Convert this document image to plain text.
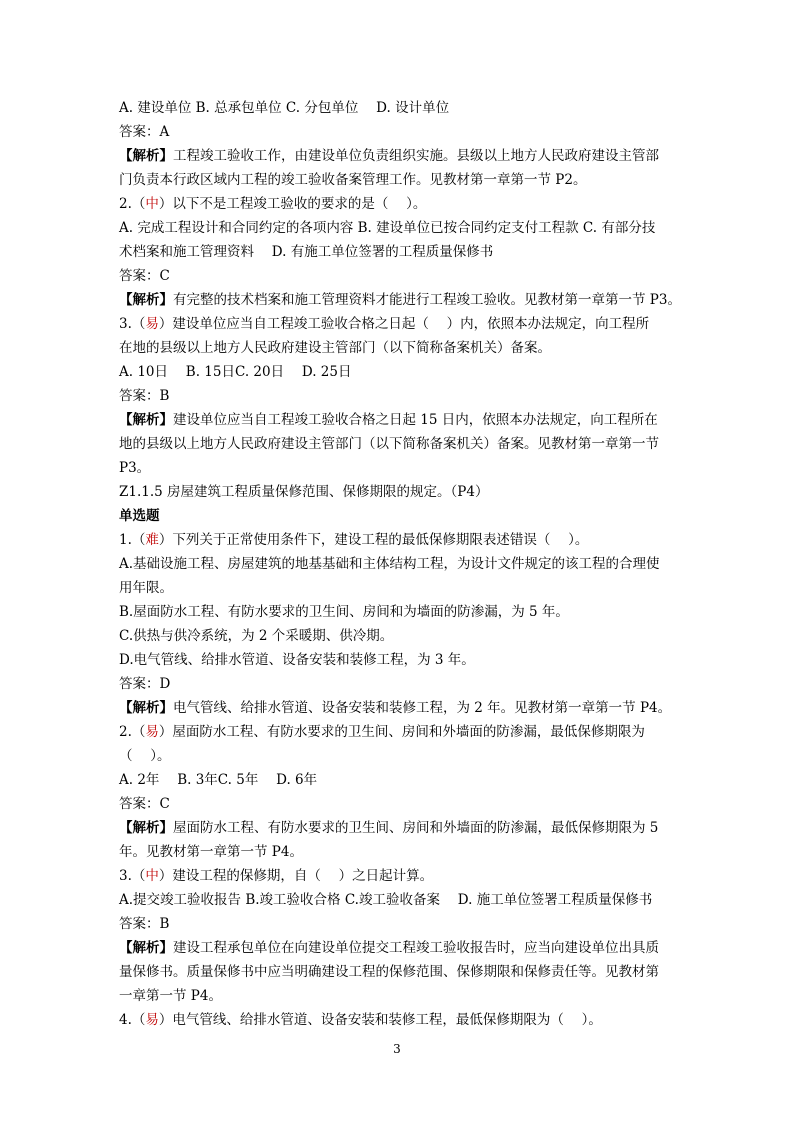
A. 建设单位 B. 总承包单位 C. 分包单位　 D. 设计单位
答案：A
【解析】工程竣工验收工作，由建设单位负责组织实施。县级以上地方人民政府建设主管部
门负责本行政区域内工程的竣工验收备案管理工作。见教材第一章第一节 P2。
2.（中）以下不是工程竣工验收的要求的是（　 ）。
A. 完成工程设计和合同约定的各项内容 B. 建设单位已按合同约定支付工程款 C. 有部分技
术档案和施工管理资料　 D. 有施工单位签署的工程质量保修书
答案：C
【解析】有完整的技术档案和施工管理资料才能进行工程竣工验收。见教材第一章第一节 P3。
3.（易）建设单位应当自工程竣工验收合格之日起（　 ）内，依照本办法规定，向工程所
在地的县级以上地方人民政府建设主管部门（以下简称备案机关）备案。
A. 10日　 B. 15日C. 20日　 D. 25日
答案：B
【解析】建设单位应当自工程竣工验收合格之日起 15 日内，依照本办法规定，向工程所在
地的县级以上地方人民政府建设主管部门（以下简称备案机关）备案。见教材第一章第一节
P3。
Z1.1.5 房屋建筑工程质量保修范围、保修期限的规定。（P4）
单选题
1.（难）下列关于正常使用条件下，建设工程的最低保修期限表述错误（　 ）。
A.基础设施工程、房屋建筑的地基基础和主体结构工程，为设计文件规定的该工程的合理使
用年限。
B.屋面防水工程、有防水要求的卫生间、房间和为墙面的防渗漏，为 5 年。
C.供热与供冷系统，为 2 个采暖期、供冷期。
D.电气管线、给排水管道、设备安装和装修工程，为 3 年。
答案：D
【解析】电气管线、给排水管道、设备安装和装修工程，为 2 年。见教材第一章第一节 P4。
2.（易）屋面防水工程、有防水要求的卫生间、房间和外墙面的防渗漏，最低保修期限为
（　 ）。
A. 2年　 B. 3年C. 5年　 D. 6年
答案：C
【解析】屋面防水工程、有防水要求的卫生间、房间和外墙面的防渗漏，最低保修期限为 5
年。见教材第一章第一节 P4。
3.（中）建设工程的保修期，自（　 ）之日起计算。
A.提交竣工验收报告 B.竣工验收合格 C.竣工验收备案　 D. 施工单位签署工程质量保修书
答案：B
【解析】建设工程承包单位在向建设单位提交工程竣工验收报告时，应当向建设单位出具质
量保修书。质量保修书中应当明确建设工程的保修范围、保修期限和保修责任等。见教材第
一章第一节 P4。
4.（易）电气管线、给排水管道、设备安装和装修工程，最低保修期限为（　 ）。
3
